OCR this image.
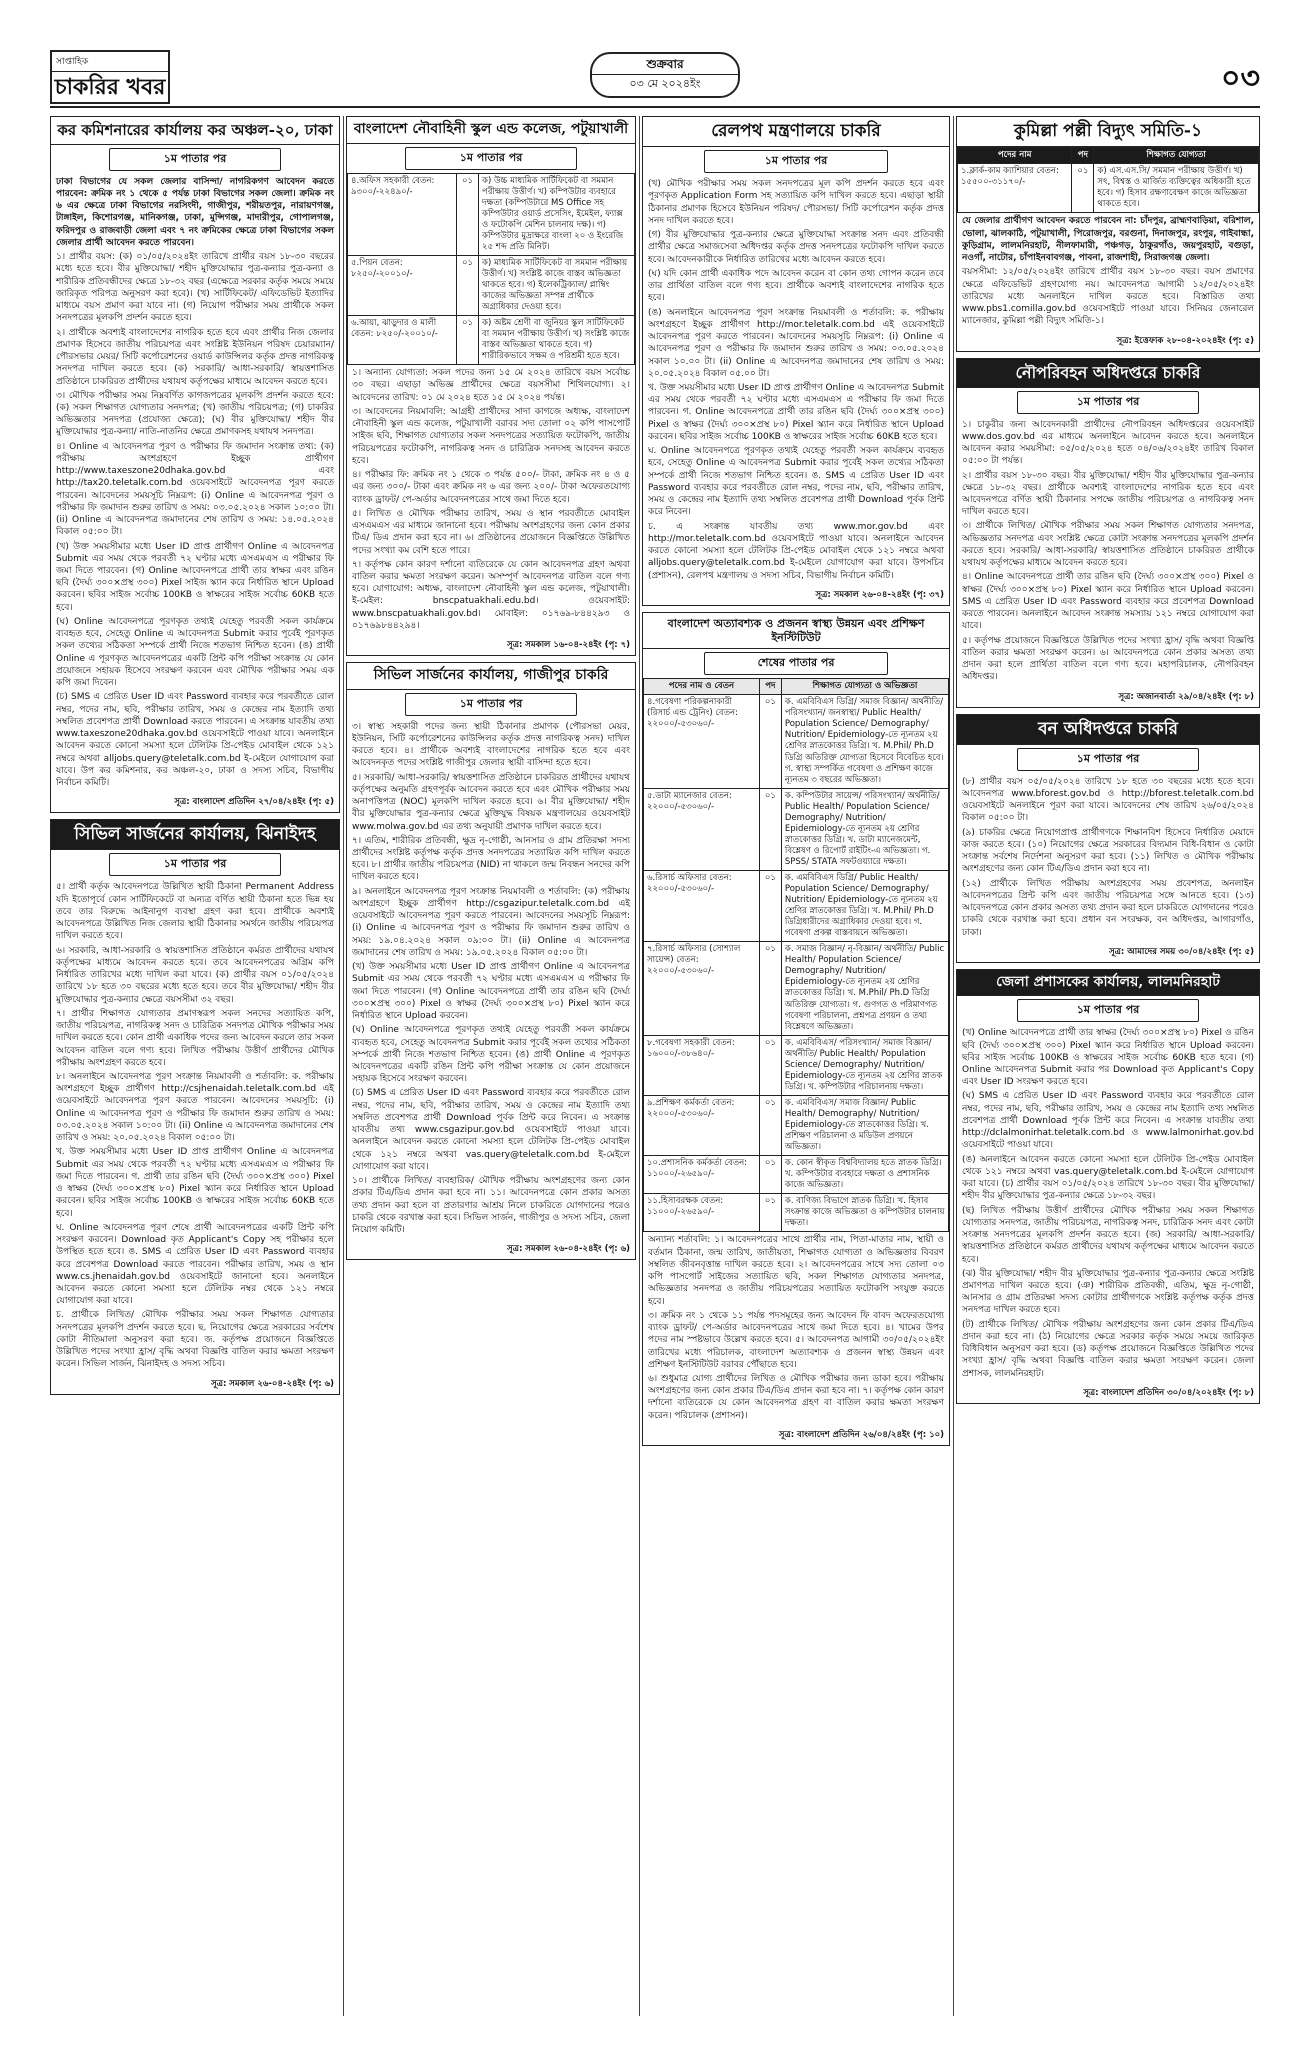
সাপ্তাহিক
চাকরির খবর
শুক্রবার
০৩ মে ২০২৪ইং	০৩
কর কমিশনারের কার্যালয় কর অঞ্চল-২০, ঢাকা
১ম পাতার পর

ঢাকা বিভাগের যে সকল জেলার বাসিন্দা/ নাগরিকগণ আবেদন করতে পারবেন: ক্রমিক নং ১ থেকে ৫ পর্যন্ত ঢাকা বিভাগের সকল জেলা। ক্রমিক নং ৬ এর ক্ষেত্রে ঢাকা বিভাগের নরসিংদী, গাজীপুর, শরীয়তপুর, নারায়ণগঞ্জ, টাঙ্গাইল, কিশোরগঞ্জ, মানিকগঞ্জ, ঢাকা, মুন্সিগঞ্জ, মাদারীপুর, গোপালগঞ্জ, ফরিদপুর ও রাজবাড়ী জেলা এবং ৭ নং ক্রমিকের ক্ষেত্রে ঢাকা বিভাগের সকল জেলার প্রার্থী আবেদন করতে পারবেন।

১। প্রার্থীর বয়স: (ক) ০১/০৫/২০২৪ইং তারিখে প্রার্থীর বয়স ১৮-৩০ বছরের মধ্যে হতে হবে। বীর মুক্তিযোদ্ধা/ শহীদ মুক্তিযোদ্ধার পুত্র-কন্যার পুত্র-কন্যা ও শারীরিক প্রতিবন্ধীদের ক্ষেত্রে ১৮-৩২ বছর (এক্ষেত্রে সরকার কর্তৃক সময়ে সময়ে জারিকৃত পরিপত্র অনুসরণ করা হবে)। (খ) সার্টিফিকেট/ এফিডেভিট ইত্যাদির মাধ্যমে বয়স প্রমাণ করা যাবে না। (গ) নিয়োগ পরীক্ষার সময় প্রার্থীকে সকল সনদপত্রের মূলকপি প্রদর্শন করতে হবে।

২। প্রার্থীকে অবশ্যই বাংলাদেশের নাগরিক হতে হবে এবং প্রার্থীর নিজ জেলার প্রমাণক হিসেবে জাতীয় পরিচয়পত্র এবং সংশ্লিষ্ট ইউনিয়ন পরিষদ চেয়ারম্যান/ পৌরসভার মেয়র/ সিটি কর্পোরেশনের ওয়ার্ড কাউন্সিলর কর্তৃক প্রদত্ত নাগরিকত্ব সনদপত্র দাখিল করতে হবে। (ক) সরকারি/ আধা-সরকারি/ স্বায়ত্তশাসিত প্রতিষ্ঠানে চাকরিরত প্রার্থীদের যথাযথ কর্তৃপক্ষের মাধ্যমে আবেদন করতে হবে।

৩। মৌখিক পরীক্ষার সময় নিম্নবর্ণিত কাগজপত্রের মূলকপি প্রদর্শন করতে হবে: (ক) সকল শিক্ষাগত যোগ্যতার সনদপত্র; (খ) জাতীয় পরিচয়পত্র; (গ) চাকরির অভিজ্ঞতার সনদপত্র (প্রযোজ্য ক্ষেত্রে); (ঘ) বীর মুক্তিযোদ্ধা/ শহীদ বীর মুক্তিযোদ্ধার পুত্র-কন্যা/ নাতি-নাতনির ক্ষেত্রে প্রমাণকসহ যথাযথ সনদপত্র।

৪। Online এ আবেদনপত্র পূরণ ও পরীক্ষার ফি জমাদান সংক্রান্ত তথ্য: (ক) পরীক্ষায় অংশগ্রহণে ইচ্ছুক প্রার্থীগণ http://www.taxeszone20dhaka.gov.bd এবং http://tax20.teletalk.com.bd ওয়েবসাইটে আবেদনপত্র পূরণ করতে পারবেন। আবেদনের সময়সূচি নিম্নরূপ: (i) Online এ আবেদনপত্র পূরণ ও পরীক্ষার ফি জমাদান শুরুর তারিখ ও সময়: ০৩.০৫.২০২৪ সকাল ১০:০০ টা। (ii) Online এ আবেদনপত্র জমাদানের শেষ তারিখ ও সময়: ১৪.০৫.২০২৪ বিকাল ০৫:০০ টা।

(খ) উক্ত সময়সীমার মধ্যে User ID প্রাপ্ত প্রার্থীগণ Online এ আবেদনপত্র Submit এর সময় থেকে পরবর্তী ৭২ ঘণ্টার মধ্যে এসএমএস এ পরীক্ষার ফি জমা দিতে পারবেন। (গ) Online আবেদনপত্রে প্রার্থী তার স্বাক্ষর এবং রঙিন ছবি (দৈর্ঘ্য ৩০০×প্রস্থ ৩০০) Pixel সাইজ স্ক্যান করে নির্ধারিত স্থানে Upload করবেন। ছবির সাইজ সর্বোচ্চ 100KB ও স্বাক্ষরের সাইজ সর্বোচ্চ 60KB হতে হবে।

(ঘ) Online আবেদনপত্রে পূরণকৃত তথ্যই যেহেতু পরবর্তী সকল কার্যক্রমে ব্যবহৃত হবে, সেহেতু Online এ আবেদনপত্র Submit করার পূর্বেই পূরণকৃত সকল তথ্যের সঠিকতা সম্পর্কে প্রার্থী নিজে শতভাগ নিশ্চিত হবেন। (ঙ) প্রার্থী Online এ পূরণকৃত আবেদনপত্রের একটি প্রিন্ট কপি পরীক্ষা সংক্রান্ত যে কোন প্রয়োজনে সহায়ক হিসেবে সংরক্ষণ করবেন এবং মৌখিক পরীক্ষার সময় এক কপি জমা দিবেন।

(চ) SMS এ প্রেরিত User ID এবং Password ব্যবহার করে পরবর্তীতে রোল নম্বর, পদের নাম, ছবি, পরীক্ষার তারিখ, সময় ও কেন্দ্রের নাম ইত্যাদি তথ্য সম্বলিত প্রবেশপত্র প্রার্থী Download করতে পারবেন। এ সংক্রান্ত যাবতীয় তথ্য www.taxeszone20dhaka.gov.bd ওয়েবসাইটে পাওয়া যাবে। অনলাইনে আবেদন করতে কোনো সমস্যা হলে টেলিটক প্রি-পেইড মোবাইল থেকে ১২১ নম্বরে অথবা alljobs.query@teletalk.com.bd ই-মেইলে যোগাযোগ করা যাবে। উপ কর কমিশনার, কর অঞ্চল-২০, ঢাকা ও সদস্য সচিব, বিভাগীয় নির্বাচন কমিটি।

সূত্র: বাংলাদেশ প্রতিদিন ২৭/০৪/২৪ইং (পৃ: ৫)
সিভিল সার্জনের কার্যালয়, ঝিনাইদহ
১ম পাতার পর

৫। প্রার্থী কর্তৃক আবেদনপত্রে উল্লিখিত স্থায়ী ঠিকানা Permanent Address যদি ইতোপূর্বে কোন সার্টিফিকেটে বা অন্যত্র বর্ণিত স্থায়ী ঠিকানা হতে ভিন্ন হয় তবে তার বিরুদ্ধে আইনানুগ ব্যবস্থা গ্রহণ করা হবে। প্রার্থীকে অবশ্যই আবেদনপত্রে উল্লিখিত নিজ জেলার স্থায়ী ঠিকানার সমর্থনে জাতীয় পরিচয়পত্র দাখিল করতে হবে।

৬। সরকারি, আধা-সরকারি ও স্বায়ত্তশাসিত প্রতিষ্ঠানে কর্মরত প্রার্থীদের যথাযথ কর্তৃপক্ষের মাধ্যমে আবেদন করতে হবে। তবে আবেদনপত্রের অগ্রিম কপি নির্ধারিত তারিখের মধ্যে দাখিল করা যাবে। (ক) প্রার্থীর বয়স ০১/০৫/২০২৪ তারিখে ১৮ হতে ৩০ বছরের মধ্যে হতে হবে। তবে বীর মুক্তিযোদ্ধা/ শহীদ বীর মুক্তিযোদ্ধার পুত্র-কন্যার ক্ষেত্রে বয়সসীমা ৩২ বছর।

৭। প্রার্থীর শিক্ষাগত যোগ্যতার প্রমাণস্বরূপ সকল সনদের সত্যায়িত কপি, জাতীয় পরিচয়পত্র, নাগরিকত্ব সনদ ও চারিত্রিক সনদপত্র মৌখিক পরীক্ষার সময় দাখিল করতে হবে। কোন প্রার্থী একাধিক পদের জন্য আবেদন করলে তার সকল আবেদন বাতিল বলে গণ্য হবে। লিখিত পরীক্ষায় উত্তীর্ণ প্রার্থীদের মৌখিক পরীক্ষায় অংশগ্রহণ করতে হবে।

৮। অনলাইনে আবেদনপত্র পূরণ সংক্রান্ত নিয়মাবলী ও শর্তাবলি: ক. পরীক্ষায় অংশগ্রহণে ইচ্ছুক প্রার্থীগণ http://csjhenaidah.teletalk.com.bd এই ওয়েবসাইটে আবেদনপত্র পূরণ করতে পারবেন। আবেদনের সময়সূচি: (i) Online এ আবেদনপত্র পূরণ ও পরীক্ষার ফি জমাদান শুরুর তারিখ ও সময়: ০৩.০৫.২০২৪ সকাল ১০:০০ টা। (ii) Online এ আবেদনপত্র জমাদানের শেষ তারিখ ও সময়: ২০.০৫.২০২৪ বিকাল ০৫:০০ টা।

খ. উক্ত সময়সীমার মধ্যে User ID প্রাপ্ত প্রার্থীগণ Online এ আবেদনপত্র Submit এর সময় থেকে পরবর্তী ৭২ ঘণ্টার মধ্যে এসএমএস এ পরীক্ষার ফি জমা দিতে পারবেন। গ. প্রার্থী তার রঙিন ছবি (দৈর্ঘ্য ৩০০×প্রস্থ ৩০০) Pixel ও স্বাক্ষর (দৈর্ঘ্য ৩০০×প্রস্থ ৮০) Pixel স্ক্যান করে নির্ধারিত স্থানে Upload করবেন। ছবির সাইজ সর্বোচ্চ 100KB ও স্বাক্ষরের সাইজ সর্বোচ্চ 60KB হতে হবে।

ঘ. Online আবেদনপত্র পূরণ শেষে প্রার্থী আবেদনপত্রের একটি প্রিন্ট কপি সংরক্ষণ করবেন। Download কৃত Applicant's Copy সহ পরীক্ষার হলে উপস্থিত হতে হবে। ঙ. SMS এ প্রেরিত User ID এবং Password ব্যবহার করে প্রবেশপত্র Download করতে পারবেন। পরীক্ষার তারিখ, সময় ও স্থান www.cs.jhenaidah.gov.bd ওয়েবসাইটে জানানো হবে। অনলাইনে আবেদন করতে কোনো সমস্যা হলে টেলিটক নম্বর থেকে ১২১ নম্বরে যোগাযোগ করা যাবে।

চ. প্রার্থীকে লিখিত/ মৌখিক পরীক্ষার সময় সকল শিক্ষাগত যোগ্যতার সনদপত্রের মূলকপি প্রদর্শন করতে হবে। ছ. নিয়োগের ক্ষেত্রে সরকারের সর্বশেষ কোটা নীতিমালা অনুসরণ করা হবে। জ. কর্তৃপক্ষ প্রয়োজনে বিজ্ঞপ্তিতে উল্লিখিত পদের সংখ্যা হ্রাস/ বৃদ্ধি অথবা বিজ্ঞপ্তি বাতিল করার ক্ষমতা সংরক্ষণ করেন। সিভিল সার্জন, ঝিনাইদহ ও সদস্য সচিব।

সূত্র: সমকাল ২৬-০৪-২৪ইং (পৃ: ৬)
বাংলাদেশ নৌবাহিনী স্কুল এন্ড কলেজ, পটুয়াখালী
১ম পাতার পর
৪.অফিস সহকারী বেতন: ৯৩০০/-২২৪৯০/-	০১	ক) উচ্চ মাধ্যমিক সার্টিফিকেট বা সমমান পরীক্ষায় উত্তীর্ণ। খ) কম্পিউটার ব্যবহারে দক্ষতা (কম্পিউটারে MS Office সহ কম্পিউটার ওয়ার্ড প্রসেসিং, ইমেইল, ফ্যাক্স ও ফটোকপি মেশিন চালনায় দক্ষ)। গ) কম্পিউটার মুদ্রাক্ষরে বাংলা ২০ ও ইংরেজি ২৫ শব্দ প্রতি মিনিট।
৫.পিয়ন বেতন: ৮২৫০/-২০০১০/-	০১	ক) মাধ্যমিক সার্টিফিকেট বা সমমান পরীক্ষায় উত্তীর্ণ। খ) সংশ্লিষ্ট কাজে বাস্তব অভিজ্ঞতা থাকতে হবে। গ) ইলেকট্রিক্যাল/ প্লাম্বিং কাজের অভিজ্ঞতা সম্পন্ন প্রার্থীকে অগ্রাধিকার দেওয়া হবে।
৬.আয়া, ঝাড়ুদার ও মালী বেতন: ৮২৫০/-২০০১০/-	০১	ক) অষ্টম শ্রেণী বা জুনিয়র স্কুল সার্টিফিকেট বা সমমান পরীক্ষায় উত্তীর্ণ। খ) সংশ্লিষ্ট কাজে বাস্তব অভিজ্ঞতা থাকতে হবে। গ) শারীরিকভাবে সক্ষম ও পরিশ্রমী হতে হবে।

১। অন্যান্য যোগ্যতা: সকল পদের জন্য ১৫ মে ২০২৪ তারিখে বয়স সর্বোচ্চ ৩০ বছর। এছাড়া অভিজ্ঞ প্রার্থীদের ক্ষেত্রে বয়সসীমা শিথিলযোগ্য। ২। আবেদনের তারিখ: ০১ মে ২০২৪ হতে ১৫ মে ২০২৪ পর্যন্ত।

৩। আবেদনের নিয়মাবলি: আগ্রহী প্রার্থীদের সাদা কাগজে অধ্যক্ষ, বাংলাদেশ নৌবাহিনী স্কুল এন্ড কলেজ, পটুয়াখালী বরাবর সদ্য তোলা ০২ কপি পাসপোর্ট সাইজ ছবি, শিক্ষাগত যোগ্যতার সকল সনদপত্রের সত্যায়িত ফটোকপি, জাতীয় পরিচয়পত্রের ফটোকপি, নাগরিকত্ব সনদ ও চারিত্রিক সনদসহ আবেদন করতে হবে।

৪। পরীক্ষার ফি: ক্রমিক নং ১ থেকে ৩ পর্যন্ত ৫০০/- টাকা, ক্রমিক নং ৪ ও ৫ এর জন্য ৩০০/- টাকা এবং ক্রমিক নং ৬ এর জন্য ২০০/- টাকা অফেরতযোগ্য ব্যাংক ড্রাফট/ পে-অর্ডার আবেদনপত্রের সাথে জমা দিতে হবে।

৫। লিখিত ও মৌখিক পরীক্ষার তারিখ, সময় ও স্থান পরবর্তীতে মোবাইল এসএমএস এর মাধ্যমে জানানো হবে। পরীক্ষায় অংশগ্রহণের জন্য কোন প্রকার টিএ/ ডিএ প্রদান করা হবে না। ৬। প্রতিষ্ঠানের প্রয়োজনে বিজ্ঞপ্তিতে উল্লিখিত পদের সংখ্যা কম বেশি হতে পারে।

৭। কর্তৃপক্ষ কোন কারণ দর্শানো ব্যতিরেকে যে কোন আবেদনপত্র গ্রহণ অথবা বাতিল করার ক্ষমতা সংরক্ষণ করেন। অসম্পূর্ণ আবেদনপত্র বাতিল বলে গণ্য হবে। যোগাযোগ: অধ্যক্ষ, বাংলাদেশ নৌবাহিনী স্কুল এন্ড কলেজ, পটুয়াখালী। ই-মেইল: bnscpatuakhali.edu.bd। ওয়েবসাইট: www.bnscpatuakhali.gov.bd। মোবাইল: ০১৭৬৯-৮৪৪২৯৩ ও ০১৭৬৯৮৪৪২৯৪।

সূত্র: সমকাল ১৬-০৪-২৪ইং (পৃ: ৭)
সিভিল সার্জনের কার্যালয়, গাজীপুর চাকরি
১ম পাতার পর

৩। স্বাস্থ্য সহকারী পদের জন্য স্থায়ী ঠিকানার প্রমাণক (পৌরসভা মেয়র, ইউনিয়ন, সিটি কর্পোরেশনের কাউন্সিলর কর্তৃক প্রদত্ত নাগরিকত্ব সনদ) দাখিল করতে হবে। ৪। প্রার্থীকে অবশ্যই বাংলাদেশের নাগরিক হতে হবে এবং আবেদনকৃত পদের সংশ্লিষ্ট গাজীপুর জেলার স্থায়ী বাসিন্দা হতে হবে।

৫। সরকারি/ আধা-সরকারি/ স্বায়ত্তশাসিত প্রতিষ্ঠানে চাকরিরত প্রার্থীদের যথাযথ কর্তৃপক্ষের অনুমতি গ্রহণপূর্বক আবেদন করতে হবে এবং মৌখিক পরীক্ষার সময় অনাপত্তিপত্র (NOC) মূলকপি দাখিল করতে হবে। ৬। বীর মুক্তিযোদ্ধা/ শহীদ বীর মুক্তিযোদ্ধার পুত্র-কন্যার ক্ষেত্রে মুক্তিযুদ্ধ বিষয়ক মন্ত্রণালয়ের ওয়েবসাইট www.molwa.gov.bd এর তথ্য অনুযায়ী প্রমাণক দাখিল করতে হবে।

৭। এতিম, শারীরিক প্রতিবন্ধী, ক্ষুদ্র নৃ-গোষ্ঠী, আনসার ও গ্রাম প্রতিরক্ষা সদস্য প্রার্থীদের সংশ্লিষ্ট কর্তৃপক্ষ কর্তৃক প্রদত্ত সনদপত্রের সত্যায়িত কপি দাখিল করতে হবে। ৮। প্রার্থীর জাতীয় পরিচয়পত্র (NID) না থাকলে জন্ম নিবন্ধন সনদের কপি দাখিল করতে হবে।

৯। অনলাইনে আবেদনপত্র পূরণ সংক্রান্ত নিয়মাবলী ও শর্তাবলি: (ক) পরীক্ষায় অংশগ্রহণে ইচ্ছুক প্রার্থীগণ http://csgazipur.teletalk.com.bd এই ওয়েবসাইটে আবেদনপত্র পূরণ করতে পারবেন। আবেদনের সময়সূচি নিম্নরূপ: (i) Online এ আবেদনপত্র পূরণ ও পরীক্ষার ফি জমাদান শুরুর তারিখ ও সময়: ১৯.০৪.২০২৪ সকাল ০৯:০০ টা। (ii) Online এ আবেদনপত্র জমাদানের শেষ তারিখ ও সময়: ১৯.০৫.২০২৪ বিকাল ০৫:০০ টা।

(খ) উক্ত সময়সীমার মধ্যে User ID প্রাপ্ত প্রার্থীগণ Online এ আবেদনপত্র Submit এর সময় থেকে পরবর্তী ৭২ ঘণ্টার মধ্যে এসএমএস এ পরীক্ষার ফি জমা দিতে পারবেন। (গ) Online আবেদনপত্রে প্রার্থী তার রঙিন ছবি (দৈর্ঘ্য ৩০০×প্রস্থ ৩০০) Pixel ও স্বাক্ষর (দৈর্ঘ্য ৩০০×প্রস্থ ৮০) Pixel স্ক্যান করে নির্ধারিত স্থানে Upload করবেন।

(ঘ) Online আবেদনপত্রে পূরণকৃত তথ্যই যেহেতু পরবর্তী সকল কার্যক্রমে ব্যবহৃত হবে, সেহেতু আবেদনপত্র Submit করার পূর্বেই সকল তথ্যের সঠিকতা সম্পর্কে প্রার্থী নিজে শতভাগ নিশ্চিত হবেন। (ঙ) প্রার্থী Online এ পূরণকৃত আবেদনপত্রের একটি রঙিন প্রিন্ট কপি পরীক্ষা সংক্রান্ত যে কোন প্রয়োজনে সহায়ক হিসেবে সংরক্ষণ করবেন।

(চ) SMS এ প্রেরিত User ID এবং Password ব্যবহার করে পরবর্তীতে রোল নম্বর, পদের নাম, ছবি, পরীক্ষার তারিখ, সময় ও কেন্দ্রের নাম ইত্যাদি তথ্য সম্বলিত প্রবেশপত্র প্রার্থী Download পূর্বক প্রিন্ট করে নিবেন। এ সংক্রান্ত যাবতীয় তথ্য www.csgazipur.gov.bd ওয়েবসাইটে পাওয়া যাবে। অনলাইনে আবেদন করতে কোনো সমস্যা হলে টেলিটক প্রি-পেইড মোবাইল থেকে ১২১ নম্বরে অথবা vas.query@teletalk.com.bd ই-মেইলে যোগাযোগ করা যাবে।

১০। প্রার্থীকে লিখিত/ ব্যবহারিক/ মৌখিক পরীক্ষায় অংশগ্রহণের জন্য কোন প্রকার টিএ/ডিএ প্রদান করা হবে না। ১১। আবেদনপত্রে কোন প্রকার অসত্য তথ্য প্রদান করা হলে বা প্রতারণার আশ্রয় নিলে চাকরিতে যোগদানের পরেও চাকরি থেকে বরখাস্ত করা হবে। সিভিল সার্জন, গাজীপুর ও সদস্য সচিব, জেলা নিয়োগ কমিটি।

সূত্র: সমকাল ২৬-০৪-২৪ইং (পৃ: ৬)
রেলপথ মন্ত্রণালয়ে চাকরি
১ম পাতার পর

(খ) মৌখিক পরীক্ষার সময় সকল সনদপত্রের মূল কপি প্রদর্শন করতে হবে এবং পূরণকৃত Application Form সহ সত্যায়িত কপি দাখিল করতে হবে। এছাড়া স্থায়ী ঠিকানার প্রমাণক হিসেবে ইউনিয়ন পরিষদ/ পৌরসভা/ সিটি কর্পোরেশন কর্তৃক প্রদত্ত সনদ দাখিল করতে হবে।

(গ) বীর মুক্তিযোদ্ধার পুত্র-কন্যার ক্ষেত্রে মুক্তিযোদ্ধা সংক্রান্ত সনদ এবং প্রতিবন্ধী প্রার্থীর ক্ষেত্রে সমাজসেবা অধিদপ্তর কর্তৃক প্রদত্ত সনদপত্রের ফটোকপি দাখিল করতে হবে। আবেদনকারীকে নির্ধারিত তারিখের মধ্যে আবেদন করতে হবে।

(ঘ) যদি কোন প্রার্থী একাধিক পদে আবেদন করেন বা কোন তথ্য গোপন করেন তবে তার প্রার্থিতা বাতিল বলে গণ্য হবে। প্রার্থীকে অবশ্যই বাংলাদেশের নাগরিক হতে হবে।

(ঙ) অনলাইনে আবেদনপত্র পূরণ সংক্রান্ত নিয়মাবলী ও শর্তাবলি: ক. পরীক্ষায় অংশগ্রহণে ইচ্ছুক প্রার্থীগণ http://mor.teletalk.com.bd এই ওয়েবসাইটে আবেদনপত্র পূরণ করতে পারবেন। আবেদনের সময়সূচি নিম্নরূপ: (i) Online এ আবেদনপত্র পূরণ ও পরীক্ষার ফি জমাদান শুরুর তারিখ ও সময়: ০৩.০৫.২০২৪ সকাল ১০.০০ টা। (ii) Online এ আবেদনপত্র জমাদানের শেষ তারিখ ও সময়: ২০.০৫.২০২৪ বিকাল ০৫.০০ টা।

খ. উক্ত সময়সীমার মধ্যে User ID প্রাপ্ত প্রার্থীগণ Online এ আবেদনপত্র Submit এর সময় থেকে পরবর্তী ৭২ ঘণ্টার মধ্যে এসএমএস এ পরীক্ষার ফি জমা দিতে পারবেন। গ. Online আবেদনপত্রে প্রার্থী তার রঙিন ছবি (দৈর্ঘ্য ৩০০×প্রস্থ ৩০০) Pixel ও স্বাক্ষর (দৈর্ঘ্য ৩০০×প্রস্থ ৮০) Pixel স্ক্যান করে নির্ধারিত স্থানে Upload করবেন। ছবির সাইজ সর্বোচ্চ 100KB ও স্বাক্ষরের সাইজ সর্বোচ্চ 60KB হতে হবে।

ঘ. Online আবেদনপত্রে পূরণকৃত তথ্যই যেহেতু পরবর্তী সকল কার্যক্রমে ব্যবহৃত হবে, সেহেতু Online এ আবেদনপত্র Submit করার পূর্বেই সকল তথ্যের সঠিকতা সম্পর্কে প্রার্থী নিজে শতভাগ নিশ্চিত হবেন। ঙ. SMS এ প্রেরিত User ID এবং Password ব্যবহার করে পরবর্তীতে রোল নম্বর, পদের নাম, ছবি, পরীক্ষার তারিখ, সময় ও কেন্দ্রের নাম ইত্যাদি তথ্য সম্বলিত প্রবেশপত্র প্রার্থী Download পূর্বক প্রিন্ট করে নিবেন।

চ. এ সংক্রান্ত যাবতীয় তথ্য www.mor.gov.bd এবং http://mor.teletalk.com.bd ওয়েবসাইটে পাওয়া যাবে। অনলাইনে আবেদন করতে কোনো সমস্যা হলে টেলিটক প্রি-পেইড মোবাইল থেকে ১২১ নম্বরে অথবা alljobs.query@teletalk.com.bd ই-মেইলে যোগাযোগ করা যাবে। উপসচিব (প্রশাসন), রেলপথ মন্ত্রণালয় ও সদস্য সচিব, বিভাগীয় নির্বাচন কমিটি।

সূত্র: সমকাল ২৬-০৪-২৪ইং (পৃ: ৩৭)
বাংলাদেশ অত্যাবশ্যক ও প্রজনন স্বাস্থ্য উন্নয়ন এবং প্রশিক্ষণ ইনস্টিটিউট
শেষের পাতার পর
পদের নাম ও বেতন	পদ	শিক্ষাগত যোগ্যতা ও অভিজ্ঞতা
৪.গবেষণা পরিকল্পনাকারী (রিসার্চ এন্ড ট্রেনিং) বেতন: ২২০০০/-৫৩০৬০/-	০১	ক. এমবিবিএস ডিগ্রি/ সমাজ বিজ্ঞান/ অর্থনীতি/ পরিসংখ্যান/ জনস্বাস্থ্য/ Public Health/ Population Science/ Demography/ Nutrition/ Epidemiology-তে ন্যূনতম ২য় শ্রেণির স্নাতকোত্তর ডিগ্রি। খ. M.Phil/ Ph.D ডিগ্রি অতিরিক্ত যোগ্যতা হিসেবে বিবেচিত হবে। গ. স্বাস্থ্য সম্পর্কিত গবেষণা ও প্রশিক্ষণ কাজে ন্যূনতম ৩ বছরের অভিজ্ঞতা।
৫.ডাটা ম্যানেজার বেতন: ২২০০০/-৫৩০৬০/-	০১	ক. কম্পিউটার সায়েন্স/ পরিসংখ্যান/ অর্থনীতি/ Public Health/ Population Science/ Demography/ Nutrition/ Epidemiology-তে ন্যূনতম ২য় শ্রেণির স্নাতকোত্তর ডিগ্রি। খ. ডাটা ম্যানেজমেন্ট, বিশ্লেষণ ও রিপোর্ট রাইটিং-এ অভিজ্ঞতা। গ. SPSS/ STATA সফটওয়্যারে দক্ষতা।
৬.রিসার্চ অফিসার বেতন: ২২০০০/-৫৩০৬০/-	০১	ক. এমবিবিএস ডিগ্রি/ Public Health/ Population Science/ Demography/ Nutrition/ Epidemiology-তে ন্যূনতম ২য় শ্রেণির স্নাতকোত্তর ডিগ্রি। খ. M.Phil/ Ph.D ডিগ্রিধারীদের অগ্রাধিকার দেওয়া হবে। গ. গবেষণা প্রকল্প বাস্তবায়নে অভিজ্ঞতা।
৭.রিসার্চ অফিসার (সোশ্যাল সায়েন্স) বেতন: ২২০০০/-৫৩০৬০/-	০১	ক. সমাজ বিজ্ঞান/ নৃ-বিজ্ঞান/ অর্থনীতি/ Public Health/ Population Science/ Demography/ Nutrition/ Epidemiology-তে ন্যূনতম ২য় শ্রেণির স্নাতকোত্তর ডিগ্রি। খ. M.Phil/ Ph.D ডিগ্রি অতিরিক্ত যোগ্যতা। গ. গুণগত ও পরিমাণগত গবেষণা পরিচালনা, প্রশ্নপত্র প্রণয়ন ও তথ্য বিশ্লেষণে অভিজ্ঞতা।
৮.গবেষণা সহকারী বেতন: ১৬০০০/-৩৮৬৪০/-	০১	ক. এমবিবিএস/ পরিসংখ্যান/ সমাজ বিজ্ঞান/ অর্থনীতি/ Public Health/ Population Science/ Demography/ Nutrition/ Epidemiology-তে ন্যূনতম ২য় শ্রেণির স্নাতক ডিগ্রি। খ. কম্পিউটার পরিচালনায় দক্ষতা।
৯.প্রশিক্ষণ কর্মকর্তা বেতন: ২২০০০/-৫৩০৬০/-	০১	ক. এমবিবিএস/ সমাজ বিজ্ঞান/ Public Health/ Demography/ Nutrition/ Epidemiology-তে স্নাতকোত্তর ডিগ্রি। খ. প্রশিক্ষণ পরিচালনা ও মডিউল প্রণয়নে অভিজ্ঞতা।
১০.প্রশাসনিক কর্মকর্তা বেতন: ১১০০০/-২৬৫৯০/-	০১	ক. কোন স্বীকৃত বিশ্ববিদ্যালয় হতে স্নাতক ডিগ্রি। খ. কম্পিউটার ব্যবহারে দক্ষতা ও প্রশাসনিক কাজে অভিজ্ঞতা।
১১.হিসাবরক্ষক বেতন: ১১০০০/-২৬৫৯০/-	০১	ক. বাণিজ্য বিভাগে স্নাতক ডিগ্রি। খ. হিসাব সংক্রান্ত কাজে অভিজ্ঞতা ও কম্পিউটার চালনায় দক্ষতা।

অন্যান্য শর্তাবলি: ১। আবেদনপত্রের সাথে প্রার্থীর নাম, পিতা-মাতার নাম, স্থায়ী ও বর্তমান ঠিকানা, জন্ম তারিখ, জাতীয়তা, শিক্ষাগত যোগ্যতা ও অভিজ্ঞতার বিবরণ সম্বলিত জীবনবৃত্তান্ত দাখিল করতে হবে। ২। আবেদনপত্রের সাথে সদ্য তোলা ০৩ কপি পাসপোর্ট সাইজের সত্যায়িত ছবি, সকল শিক্ষাগত যোগ্যতার সনদপত্র, অভিজ্ঞতার সনদপত্র ও জাতীয় পরিচয়পত্রের সত্যায়িত ফটোকপি সংযুক্ত করতে হবে।

৩। ক্রমিক নং ১ থেকে ১১ পর্যন্ত পদসমূহের জন্য আবেদন ফি বাবদ অফেরতযোগ্য ব্যাংক ড্রাফট/ পে-অর্ডার আবেদনপত্রের সাথে জমা দিতে হবে। ৪। খামের উপর পদের নাম স্পষ্টভাবে উল্লেখ করতে হবে। ৫। আবেদনপত্র আগামী ৩০/০৫/২০২৪ইং তারিখের মধ্যে পরিচালক, বাংলাদেশ অত্যাবশ্যক ও প্রজনন স্বাস্থ্য উন্নয়ন এবং প্রশিক্ষণ ইনস্টিটিউট বরাবর পৌঁছাতে হবে।

৬। শুধুমাত্র যোগ্য প্রার্থীদের লিখিত ও মৌখিক পরীক্ষার জন্য ডাকা হবে। পরীক্ষায় অংশগ্রহণের জন্য কোন প্রকার টিএ/ডিএ প্রদান করা হবে না। ৭। কর্তৃপক্ষ কোন কারণ দর্শানো ব্যতিরেকে যে কোন আবেদনপত্র গ্রহণ বা বাতিল করার ক্ষমতা সংরক্ষণ করেন। পরিচালক (প্রশাসন)।

সূত্র: বাংলাদেশ প্রতিদিন ২৬/০৪/২৪ইং (পৃ: ১০)
কুমিল্লা পল্লী বিদ্যুৎ সমিতি-১
পদের নাম	পদ	শিক্ষাগত যোগ্যতা
১.ক্লার্ক-কাম ক্যাশিয়ার বেতন: ১৫৫০০-৩১১৭০/-	০১	ক) এস.এস.সি/ সমমান পরীক্ষায় উত্তীর্ণ। খ) সৎ, বিশ্বস্ত ও মার্জিত ব্যক্তিত্বের অধিকারী হতে হবে। গ) হিসাব রক্ষণাবেক্ষণ কাজে অভিজ্ঞতা থাকতে হবে।

যে জেলার প্রার্থীগণ আবেদন করতে পারবেন না: চাঁদপুর, ব্রাহ্মণবাড়িয়া, বরিশাল, ভোলা, ঝালকাঠি, পটুয়াখালী, পিরোজপুর, বরগুনা, দিনাজপুর, রংপুর, গাইবান্ধা, কুড়িগ্রাম, লালমনিরহাট, নীলফামারী, পঞ্চগড়, ঠাকুরগাঁও, জয়পুরহাট, বগুড়া, নওগাঁ, নাটোর, চাঁপাইনবাবগঞ্জ, পাবনা, রাজশাহী, সিরাজগঞ্জ জেলা।

বয়সসীমা: ১২/০৫/২০২৪ইং তারিখে প্রার্থীর বয়স ১৮-৩০ বছর। বয়স প্রমাণের ক্ষেত্রে এফিডেভিট গ্রহণযোগ্য নয়। আবেদনপত্র আগামী ১২/০৫/২০২৪ইং তারিখের মধ্যে অনলাইনে দাখিল করতে হবে। বিস্তারিত তথ্য www.pbs1.comilla.gov.bd ওয়েবসাইটে পাওয়া যাবে। সিনিয়র জেনারেল ম্যানেজার, কুমিল্লা পল্লী বিদ্যুৎ সমিতি-১।

সূত্র: ইত্তেফাক ২৮-০৪-২০২৪ইং (পৃ: ৫)
নৌপরিবহন অধিদপ্তরে চাকরি
১ম পাতার পর

১। চাকুরীর জন্য আবেদনকারী প্রার্থীদের নৌপরিবহন অধিদপ্তরের ওয়েবসাইট www.dos.gov.bd এর মাধ্যমে অনলাইনে আবেদন করতে হবে। অনলাইনে আবেদন করার সময়সীমা: ০৫/০৫/২০২৪ হতে ০৪/০৬/২০২৪ইং তারিখ বিকাল ০৫:০০ টা পর্যন্ত।

২। প্রার্থীর বয়স ১৮-৩০ বছর। বীর মুক্তিযোদ্ধা/ শহীদ বীর মুক্তিযোদ্ধার পুত্র-কন্যার ক্ষেত্রে ১৮-৩২ বছর। প্রার্থীকে অবশ্যই বাংলাদেশের নাগরিক হতে হবে এবং আবেদনপত্রে বর্ণিত স্থায়ী ঠিকানার সপক্ষে জাতীয় পরিচয়পত্র ও নাগরিকত্ব সনদ দাখিল করতে হবে।

৩। প্রার্থীকে লিখিত/ মৌখিক পরীক্ষার সময় সকল শিক্ষাগত যোগ্যতার সনদপত্র, অভিজ্ঞতার সনদপত্র এবং সংশ্লিষ্ট ক্ষেত্রে কোটা সংক্রান্ত সনদপত্রের মূলকপি প্রদর্শন করতে হবে। সরকারি/ আধা-সরকারি/ স্বায়ত্তশাসিত প্রতিষ্ঠানে চাকরিরত প্রার্থীকে যথাযথ কর্তৃপক্ষের মাধ্যমে আবেদন করতে হবে।

৪। Online আবেদনপত্রে প্রার্থী তার রঙিন ছবি (দৈর্ঘ্য ৩০০×প্রস্থ ৩০০) Pixel ও স্বাক্ষর (দৈর্ঘ্য ৩০০×প্রস্থ ৮০) Pixel স্ক্যান করে নির্ধারিত স্থানে Upload করবেন। SMS এ প্রেরিত User ID এবং Password ব্যবহার করে প্রবেশপত্র Download করতে পারবেন। অনলাইনে আবেদন সংক্রান্ত সমস্যায় ১২১ নম্বরে যোগাযোগ করা যাবে।

৫। কর্তৃপক্ষ প্রয়োজনে বিজ্ঞপ্তিতে উল্লিখিত পদের সংখ্যা হ্রাস/ বৃদ্ধি অথবা বিজ্ঞপ্তি বাতিল করার ক্ষমতা সংরক্ষণ করেন। ৬। আবেদনপত্রে কোন প্রকার অসত্য তথ্য প্রদান করা হলে প্রার্থিতা বাতিল বলে গণ্য হবে। মহাপরিচালক, নৌপরিবহন অধিদপ্তর।

সূত্র: অজানবার্তা ২৯/০৪/২৪ইং (পৃ: ৮)
বন অধিদপ্তরে চাকরি
১ম পাতার পর

(৮) প্রার্থীর বয়স ০৫/০৫/২০২৪ তারিখে ১৮ হতে ৩০ বছরের মধ্যে হতে হবে। আবেদনপত্র www.bforest.gov.bd ও http://bforest.teletalk.com.bd ওয়েবসাইটে অনলাইনে পূরণ করা যাবে। আবেদনের শেষ তারিখ ২৬/০৫/২০২৪ বিকাল ০৫:০০ টা।

(৯) চাকরির ক্ষেত্রে নিয়োগপ্রাপ্ত প্রার্থীগণকে শিক্ষানবিশ হিসেবে নির্ধারিত মেয়াদে কাজ করতে হবে। (১০) নিয়োগের ক্ষেত্রে সরকারের বিদ্যমান বিধি-বিধান ও কোটা সংক্রান্ত সর্বশেষ নির্দেশনা অনুসরণ করা হবে। (১১) লিখিত ও মৌখিক পরীক্ষায় অংশগ্রহণের জন্য কোন টিএ/ডিএ প্রদান করা হবে না।

(১২) প্রার্থীকে লিখিত পরীক্ষায় অংশগ্রহণের সময় প্রবেশপত্র, অনলাইন আবেদনপত্রের প্রিন্ট কপি এবং জাতীয় পরিচয়পত্র সঙ্গে আনতে হবে। (১৩) আবেদনপত্রে কোন প্রকার অসত্য তথ্য প্রদান করা হলে চাকরিতে যোগদানের পরেও চাকরি থেকে বরখাস্ত করা হবে। প্রধান বন সংরক্ষক, বন অধিদপ্তর, আগারগাঁও, ঢাকা।

সূত্র: আমাদের সময় ৩০/০৪/২৪ইং (পৃ: ৫)
জেলা প্রশাসকের কার্যালয়, লালমনিরহাট
১ম পাতার পর

(খ) Online আবেদনপত্রে প্রার্থী তার স্বাক্ষর (দৈর্ঘ্য ৩০০×প্রস্থ ৮০) Pixel ও রঙিন ছবি (দৈর্ঘ্য ৩০০×প্রস্থ ৩০০) Pixel স্ক্যান করে নির্ধারিত স্থানে Upload করবেন। ছবির সাইজ সর্বোচ্চ 100KB ও স্বাক্ষরের সাইজ সর্বোচ্চ 60KB হতে হবে। (গ) Online আবেদনপত্র Submit করার পর Download কৃত Applicant's Copy এবং User ID সংরক্ষণ করতে হবে।

(ঘ) SMS এ প্রেরিত User ID এবং Password ব্যবহার করে পরবর্তীতে রোল নম্বর, পদের নাম, ছবি, পরীক্ষার তারিখ, সময় ও কেন্দ্রের নাম ইত্যাদি তথ্য সম্বলিত প্রবেশপত্র প্রার্থী Download পূর্বক প্রিন্ট করে নিবেন। এ সংক্রান্ত যাবতীয় তথ্য http://dclalmonirhat.teletalk.com.bd ও www.lalmonirhat.gov.bd ওয়েবসাইটে পাওয়া যাবে।

(ঙ) অনলাইনে আবেদন করতে কোনো সমস্যা হলে টেলিটক প্রি-পেইড মোবাইল থেকে ১২১ নম্বরে অথবা vas.query@teletalk.com.bd ই-মেইলে যোগাযোগ করা যাবে। (চ) প্রার্থীর বয়স ০১/০৫/২০২৪ তারিখে ১৮-৩০ বছর। বীর মুক্তিযোদ্ধা/ শহীদ বীর মুক্তিযোদ্ধার পুত্র-কন্যার ক্ষেত্রে ১৮-৩২ বছর।

(ছ) লিখিত পরীক্ষায় উত্তীর্ণ প্রার্থীদের মৌখিক পরীক্ষার সময় সকল শিক্ষাগত যোগ্যতার সনদপত্র, জাতীয় পরিচয়পত্র, নাগরিকত্ব সনদ, চারিত্রিক সনদ এবং কোটা সংক্রান্ত সনদপত্রের মূলকপি প্রদর্শন করতে হবে। (জ) সরকারি/ আধা-সরকারি/ স্বায়ত্তশাসিত প্রতিষ্ঠানে কর্মরত প্রার্থীদের যথাযথ কর্তৃপক্ষের মাধ্যমে আবেদন করতে হবে।

(ঝ) বীর মুক্তিযোদ্ধা/ শহীদ বীর মুক্তিযোদ্ধার পুত্র-কন্যার পুত্র-কন্যার ক্ষেত্রে সংশ্লিষ্ট প্রমাণপত্র দাখিল করতে হবে। (ঞ) শারীরিক প্রতিবন্ধী, এতিম, ক্ষুদ্র নৃ-গোষ্ঠী, আনসার ও গ্রাম প্রতিরক্ষা সদস্য কোটার প্রার্থীগণকে সংশ্লিষ্ট কর্তৃপক্ষ কর্তৃক প্রদত্ত সনদপত্র দাখিল করতে হবে।

(ট) প্রার্থীকে লিখিত/ মৌখিক পরীক্ষায় অংশগ্রহণের জন্য কোন প্রকার টিএ/ডিএ প্রদান করা হবে না। (ঠ) নিয়োগের ক্ষেত্রে সরকার কর্তৃক সময়ে সময়ে জারিকৃত বিধিবিধান অনুসরণ করা হবে। (ড) কর্তৃপক্ষ প্রয়োজনে বিজ্ঞপ্তিতে উল্লিখিত পদের সংখ্যা হ্রাস/ বৃদ্ধি অথবা বিজ্ঞপ্তি বাতিল করার ক্ষমতা সংরক্ষণ করেন। জেলা প্রশাসক, লালমনিরহাট।

সূত্র: বাংলাদেশ প্রতিদিন ৩০/০৪/২০২৪ইং (পৃ: ৮)
